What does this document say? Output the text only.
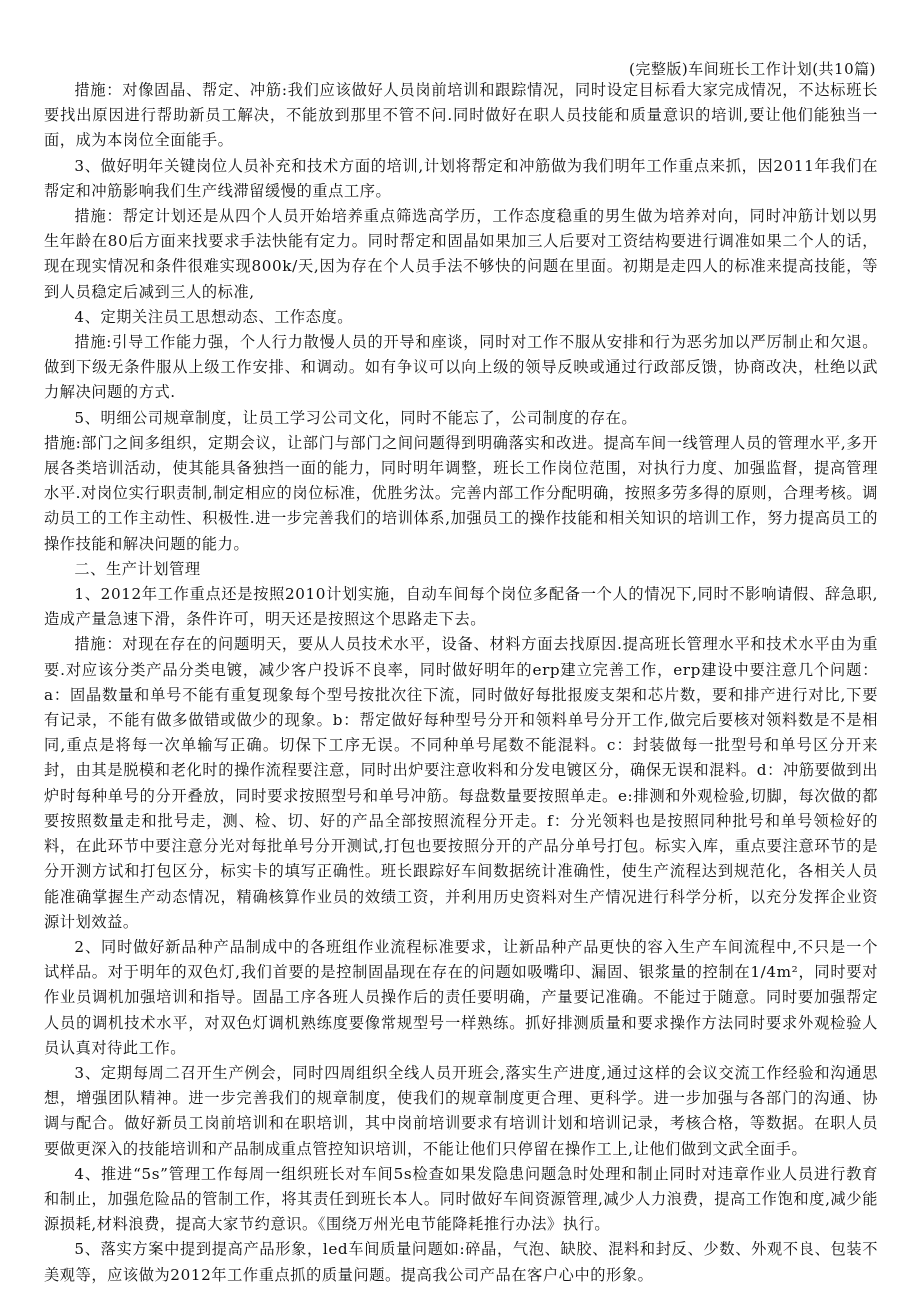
(完整版)车间班长工作计划(共10篇)

措施：对像固晶、帮定、冲筋:我们应该做好人员岗前培训和跟踪情况，同时设定目标看大家完成情况，不达标班长要找出原因进行帮助新员工解决，不能放到那里不管不问.同时做好在职人员技能和质量意识的培训,要让他们能独当一面，成为本岗位全面能手。

3、做好明年关键岗位人员补充和技术方面的培训,计划将帮定和冲筋做为我们明年工作重点来抓，因2011年我们在帮定和冲筋影响我们生产线滞留缓慢的重点工序。

措施：帮定计划还是从四个人员开始培养重点筛选高学历，工作态度稳重的男生做为培养对向，同时冲筋计划以男生年龄在80后方面来找要求手法快能有定力。同时帮定和固晶如果加三人后要对工资结构要进行调准如果二个人的话，现在现实情况和条件很难实现800k/天,因为存在个人员手法不够快的问题在里面。初期是走四人的标准来提高技能，等到人员稳定后减到三人的标准,

4、定期关注员工思想动态、工作态度。

措施:引导工作能力强，个人行力散慢人员的开导和座谈，同时对工作不服从安排和行为恶劣加以严厉制止和欠退。做到下级无条件服从上级工作安排、和调动。如有争议可以向上级的领导反映或通过行政部反馈，协商改决，杜绝以武力解决问题的方式.

5、明细公司规章制度，让员工学习公司文化，同时不能忘了，公司制度的存在。

措施:部门之间多组织，定期会议，让部门与部门之间问题得到明确落实和改进。提高车间一线管理人员的管理水平,多开展各类培训活动，使其能具备独挡一面的能力，同时明年调整，班长工作岗位范围，对执行力度、加强监督，提高管理水平.对岗位实行职责制,制定相应的岗位标准，优胜劣汰。完善内部工作分配明确，按照多劳多得的原则，合理考核。调动员工的工作主动性、积极性.进一步完善我们的培训体系,加强员工的操作技能和相关知识的培训工作，努力提高员工的操作技能和解决问题的能力。

二、生产计划管理

1、2012年工作重点还是按照2010计划实施，自动车间每个岗位多配备一个人的情况下,同时不影响请假、辞急职,造成产量急速下滑，条件许可，明天还是按照这个思路走下去。

措施：对现在存在的问题明天，要从人员技术水平，设备、材料方面去找原因.提高班长管理水平和技术水平由为重要.对应该分类产品分类电镀，减少客户投诉不良率，同时做好明年的erp建立完善工作，erp建设中要注意几个问题：a：固晶数量和单号不能有重复现象每个型号按批次往下流，同时做好每批报废支架和芯片数，要和排产进行对比,下要有记录，不能有做多做错或做少的现象。b：帮定做好每种型号分开和领料单号分开工作,做完后要核对领料数是不是相同,重点是将每一次单输写正确。切保下工序无误。不同种单号尾数不能混料。c：封装做每一批型号和单号区分开来封，由其是脱模和老化时的操作流程要注意，同时出炉要注意收料和分发电镀区分，确保无误和混料。d：冲筋要做到出炉时每种单号的分开叠放，同时要求按照型号和单号冲筋。每盘数量要按照单走。e:排测和外观检验,切脚，每次做的都要按照数量走和批号走，测、检、切、好的产品全部按照流程分开走。f：分光领料也是按照同种批号和单号领检好的料，在此环节中要注意分光对每批单号分开测试,打包也要按照分开的产品分单号打包。标实入库，重点要注意环节的是分开测方试和打包区分，标实卡的填写正确性。班长跟踪好车间数据统计准确性，使生产流程达到规范化，各相关人员能准确掌握生产动态情况，精确核算作业员的效绩工资，并利用历史资料对生产情况进行科学分析，以充分发挥企业资源计划效益。

2、同时做好新品种产品制成中的各班组作业流程标准要求，让新品种产品更快的容入生产车间流程中,不只是一个试样品。对于明年的双色灯,我们首要的是控制固晶现在存在的问题如吸嘴印、漏固、银浆量的控制在1/4m²，同时要对作业员调机加强培训和指导。固晶工序各班人员操作后的责任要明确，产量要记准确。不能过于随意。同时要加强帮定人员的调机技术水平，对双色灯调机熟练度要像常规型号一样熟练。抓好排测质量和要求操作方法同时要求外观检验人员认真对待此工作。

3、定期每周二召开生产例会，同时四周组织全线人员开班会,落实生产进度,通过这样的会议交流工作经验和沟通思想，增强团队精神。进一步完善我们的规章制度，使我们的规章制度更合理、更科学。进一步加强与各部门的沟通、协调与配合。做好新员工岗前培训和在职培训，其中岗前培训要求有培训计划和培训记录，考核合格，等数据。在职人员要做更深入的技能培训和产品制成重点管控知识培训，不能让他们只停留在操作工上,让他们做到文武全面手。

4、推进“5s”管理工作每周一组织班长对车间5s检查如果发隐患问题急时处理和制止同时对违章作业人员进行教育和制止，加强危险品的管制工作，将其责任到班长本人。同时做好车间资源管理,减少人力浪费，提高工作饱和度,减少能源损耗,材料浪费，提高大家节约意识。《围绕万州光电节能降耗推行办法》执行。

5、落实方案中提到提高产品形象，led车间质量问题如:碎晶，气泡、缺胶、混料和封反、少数、外观不良、包装不美观等，应该做为2012年工作重点抓的质量问题。提高我公司产品在客户心中的形象。
